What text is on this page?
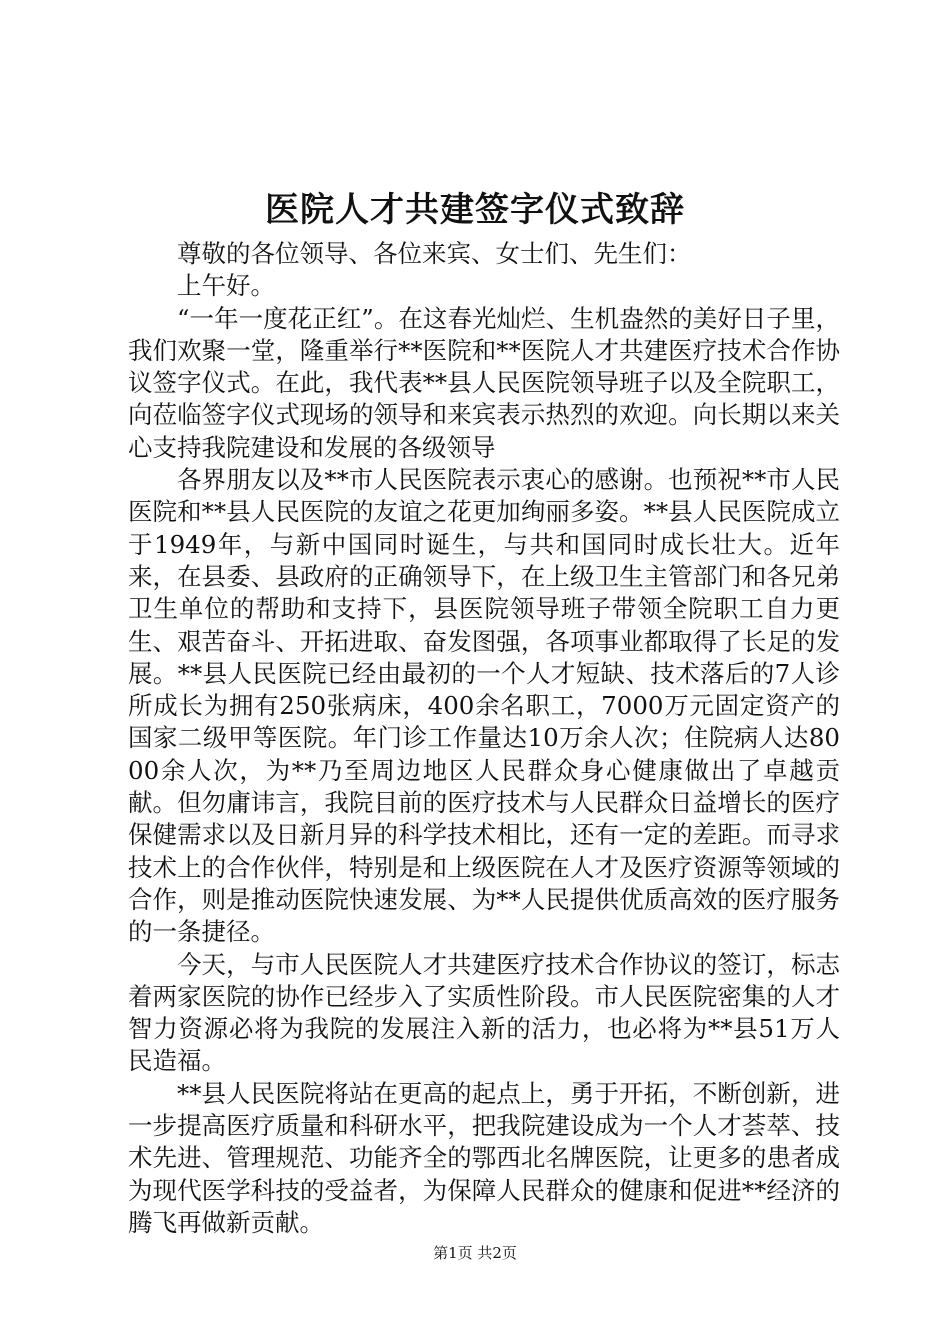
医院人才共建签字仪式致辞

尊敬的各位领导、各位来宾、女士们、先生们：

上午好。

“一年一度花正红”。在这春光灿烂、生机盎然的美好日子里，我们欢聚一堂，隆重举行**医院和**医院人才共建医疗技术合作协议签字仪式。在此，我代表**县人民医院领导班子以及全院职工，向莅临签字仪式现场的领导和来宾表示热烈的欢迎。向长期以来关心支持我院建设和发展的各级领导

各界朋友以及**市人民医院表示衷心的感谢。也预祝**市人民医院和**县人民医院的友谊之花更加绚丽多姿。**县人民医院成立于1949年，与新中国同时诞生，与共和国同时成长壮大。近年来，在县委、县政府的正确领导下，在上级卫生主管部门和各兄弟卫生单位的帮助和支持下，县医院领导班子带领全院职工自力更生、艰苦奋斗、开拓进取、奋发图强，各项事业都取得了长足的发展。**县人民医院已经由最初的一个人才短缺、技术落后的7人诊所成长为拥有250张病床，400余名职工，7000万元固定资产的国家二级甲等医院。年门诊工作量达10万余人次；住院病人达8000余人次，为**乃至周边地区人民群众身心健康做出了卓越贡献。但勿庸讳言，我院目前的医疗技术与人民群众日益增长的医疗保健需求以及日新月异的科学技术相比，还有一定的差距。而寻求技术上的合作伙伴，特别是和上级医院在人才及医疗资源等领域的合作，则是推动医院快速发展、为**人民提供优质高效的医疗服务的一条捷径。

今天，与市人民医院人才共建医疗技术合作协议的签订，标志着两家医院的协作已经步入了实质性阶段。市人民医院密集的人才智力资源必将为我院的发展注入新的活力，也必将为**县51万人民造福。

**县人民医院将站在更高的起点上，勇于开拓，不断创新，进一步提高医疗质量和科研水平，把我院建设成为一个人才荟萃、技术先进、管理规范、功能齐全的鄂西北名牌医院，让更多的患者成为现代医学科技的受益者，为保障人民群众的健康和促进**经济的腾飞再做新贡献。

第1页 共2页
